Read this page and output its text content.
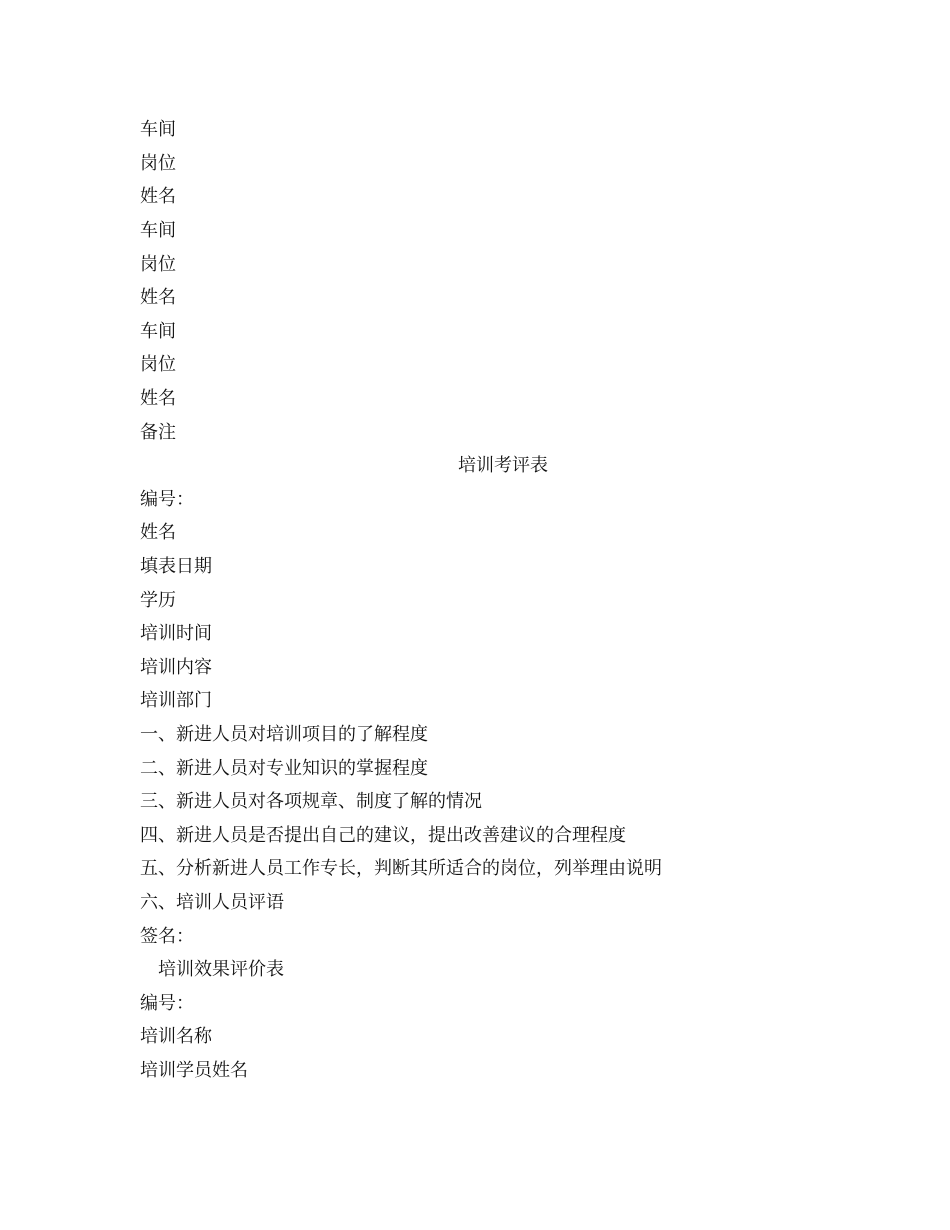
车间
岗位
姓名
车间
岗位
姓名
车间
岗位
姓名
备注
培训考评表
编号：
姓名
填表日期
学历
培训时间
培训内容
培训部门
一、新进人员对培训项目的了解程度
二、新进人员对专业知识的掌握程度
三、新进人员对各项规章、制度了解的情况
四、新进人员是否提出自己的建议，提出改善建议的合理程度
五、分析新进人员工作专长，判断其所适合的岗位，列举理由说明
六、培训人员评语
签名：
培训效果评价表
编号：
培训名称
培训学员姓名
